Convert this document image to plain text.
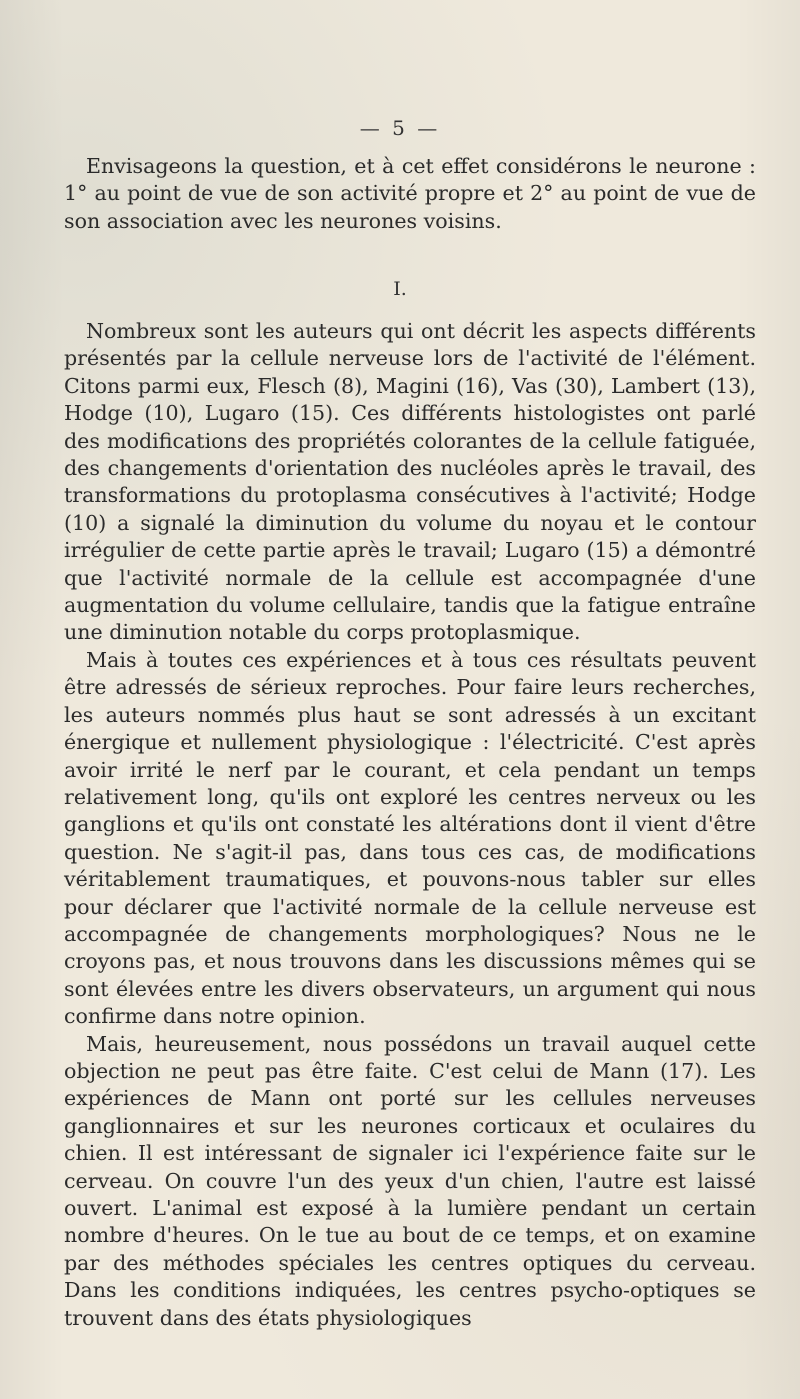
— 5 —

Envisageons la question, et à cet effet considérons le neurone : 1° au point de vue de son activité propre et 2° au point de vue de son association avec les neurones voisins.

I.

Nombreux sont les auteurs qui ont décrit les aspects différents présentés par la cellule nerveuse lors de l'activité de l'élément. Citons parmi eux, Flesch (8), Magini (16), Vas (30), Lambert (13), Hodge (10), Lugaro (15). Ces différents histologistes ont parlé des modifications des propriétés colorantes de la cellule fatiguée, des changements d'orientation des nucléoles après le travail, des transformations du protoplasma consécutives à l'activité; Hodge (10) a signalé la diminution du volume du noyau et le contour irrégulier de cette partie après le travail; Lugaro (15) a démontré que l'activité normale de la cellule est accompagnée d'une augmentation du volume cellulaire, tandis que la fatigue entraîne une diminution notable du corps protoplasmique.

Mais à toutes ces expériences et à tous ces résultats peuvent être adressés de sérieux reproches. Pour faire leurs recherches, les auteurs nommés plus haut se sont adressés à un excitant énergique et nullement physiologique : l'électricité. C'est après avoir irrité le nerf par le courant, et cela pendant un temps relativement long, qu'ils ont exploré les centres nerveux ou les ganglions et qu'ils ont constaté les altérations dont il vient d'être question. Ne s'agit-il pas, dans tous ces cas, de modifications véritablement traumatiques, et pouvons-nous tabler sur elles pour déclarer que l'activité normale de la cellule nerveuse est accompagnée de changements morphologiques? Nous ne le croyons pas, et nous trouvons dans les discussions mêmes qui se sont élevées entre les divers observateurs, un argument qui nous confirme dans notre opinion.

Mais, heureusement, nous possédons un travail auquel cette objection ne peut pas être faite. C'est celui de Mann (17). Les expériences de Mann ont porté sur les cellules nerveuses ganglionnaires et sur les neurones corticaux et oculaires du chien. Il est intéressant de signaler ici l'expérience faite sur le cerveau. On couvre l'un des yeux d'un chien, l'autre est laissé ouvert. L'animal est exposé à la lumière pendant un certain nombre d'heures. On le tue au bout de ce temps, et on examine par des méthodes spéciales les centres optiques du cerveau. Dans les conditions indiquées, les centres psycho-optiques se trouvent dans des états physiologiques
